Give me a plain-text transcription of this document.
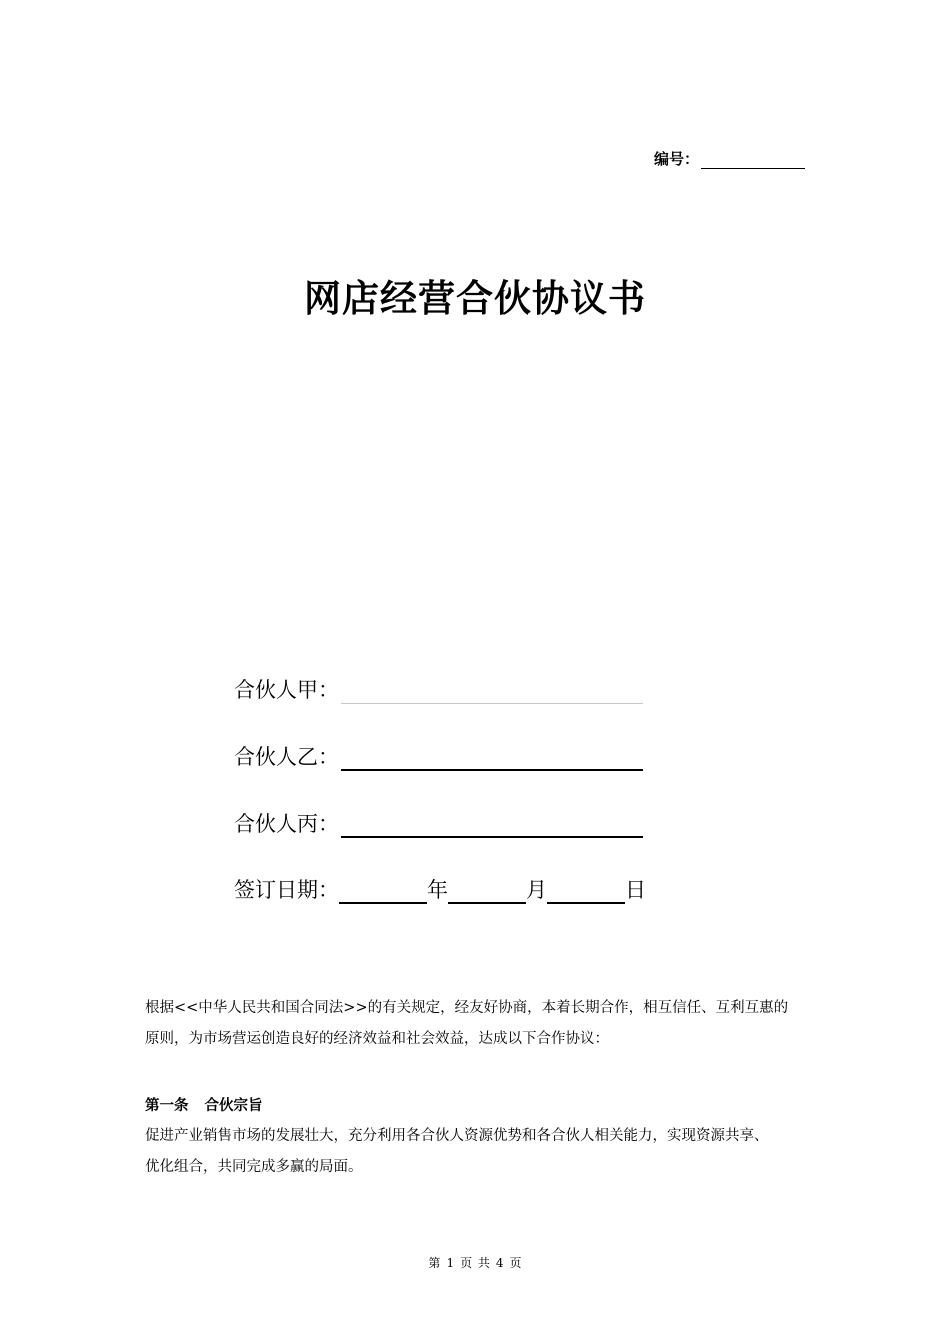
编号：
网店经营合伙协议书
合伙人甲：
合伙人乙：
合伙人丙：
签订日期：	年	月	日
根据<<中华人民共和国合同法>>的有关规定，经友好协商，本着长期合作，相互信任、互利互惠的
原则，为市场营运创造良好的经济效益和社会效益，达成以下合作协议：
第一条 合伙宗旨
促进产业销售市场的发展壮大，充分利用各合伙人资源优势和各合伙人相关能力，实现资源共享、
优化组合，共同完成多赢的局面。
第 1 页 共 4 页
